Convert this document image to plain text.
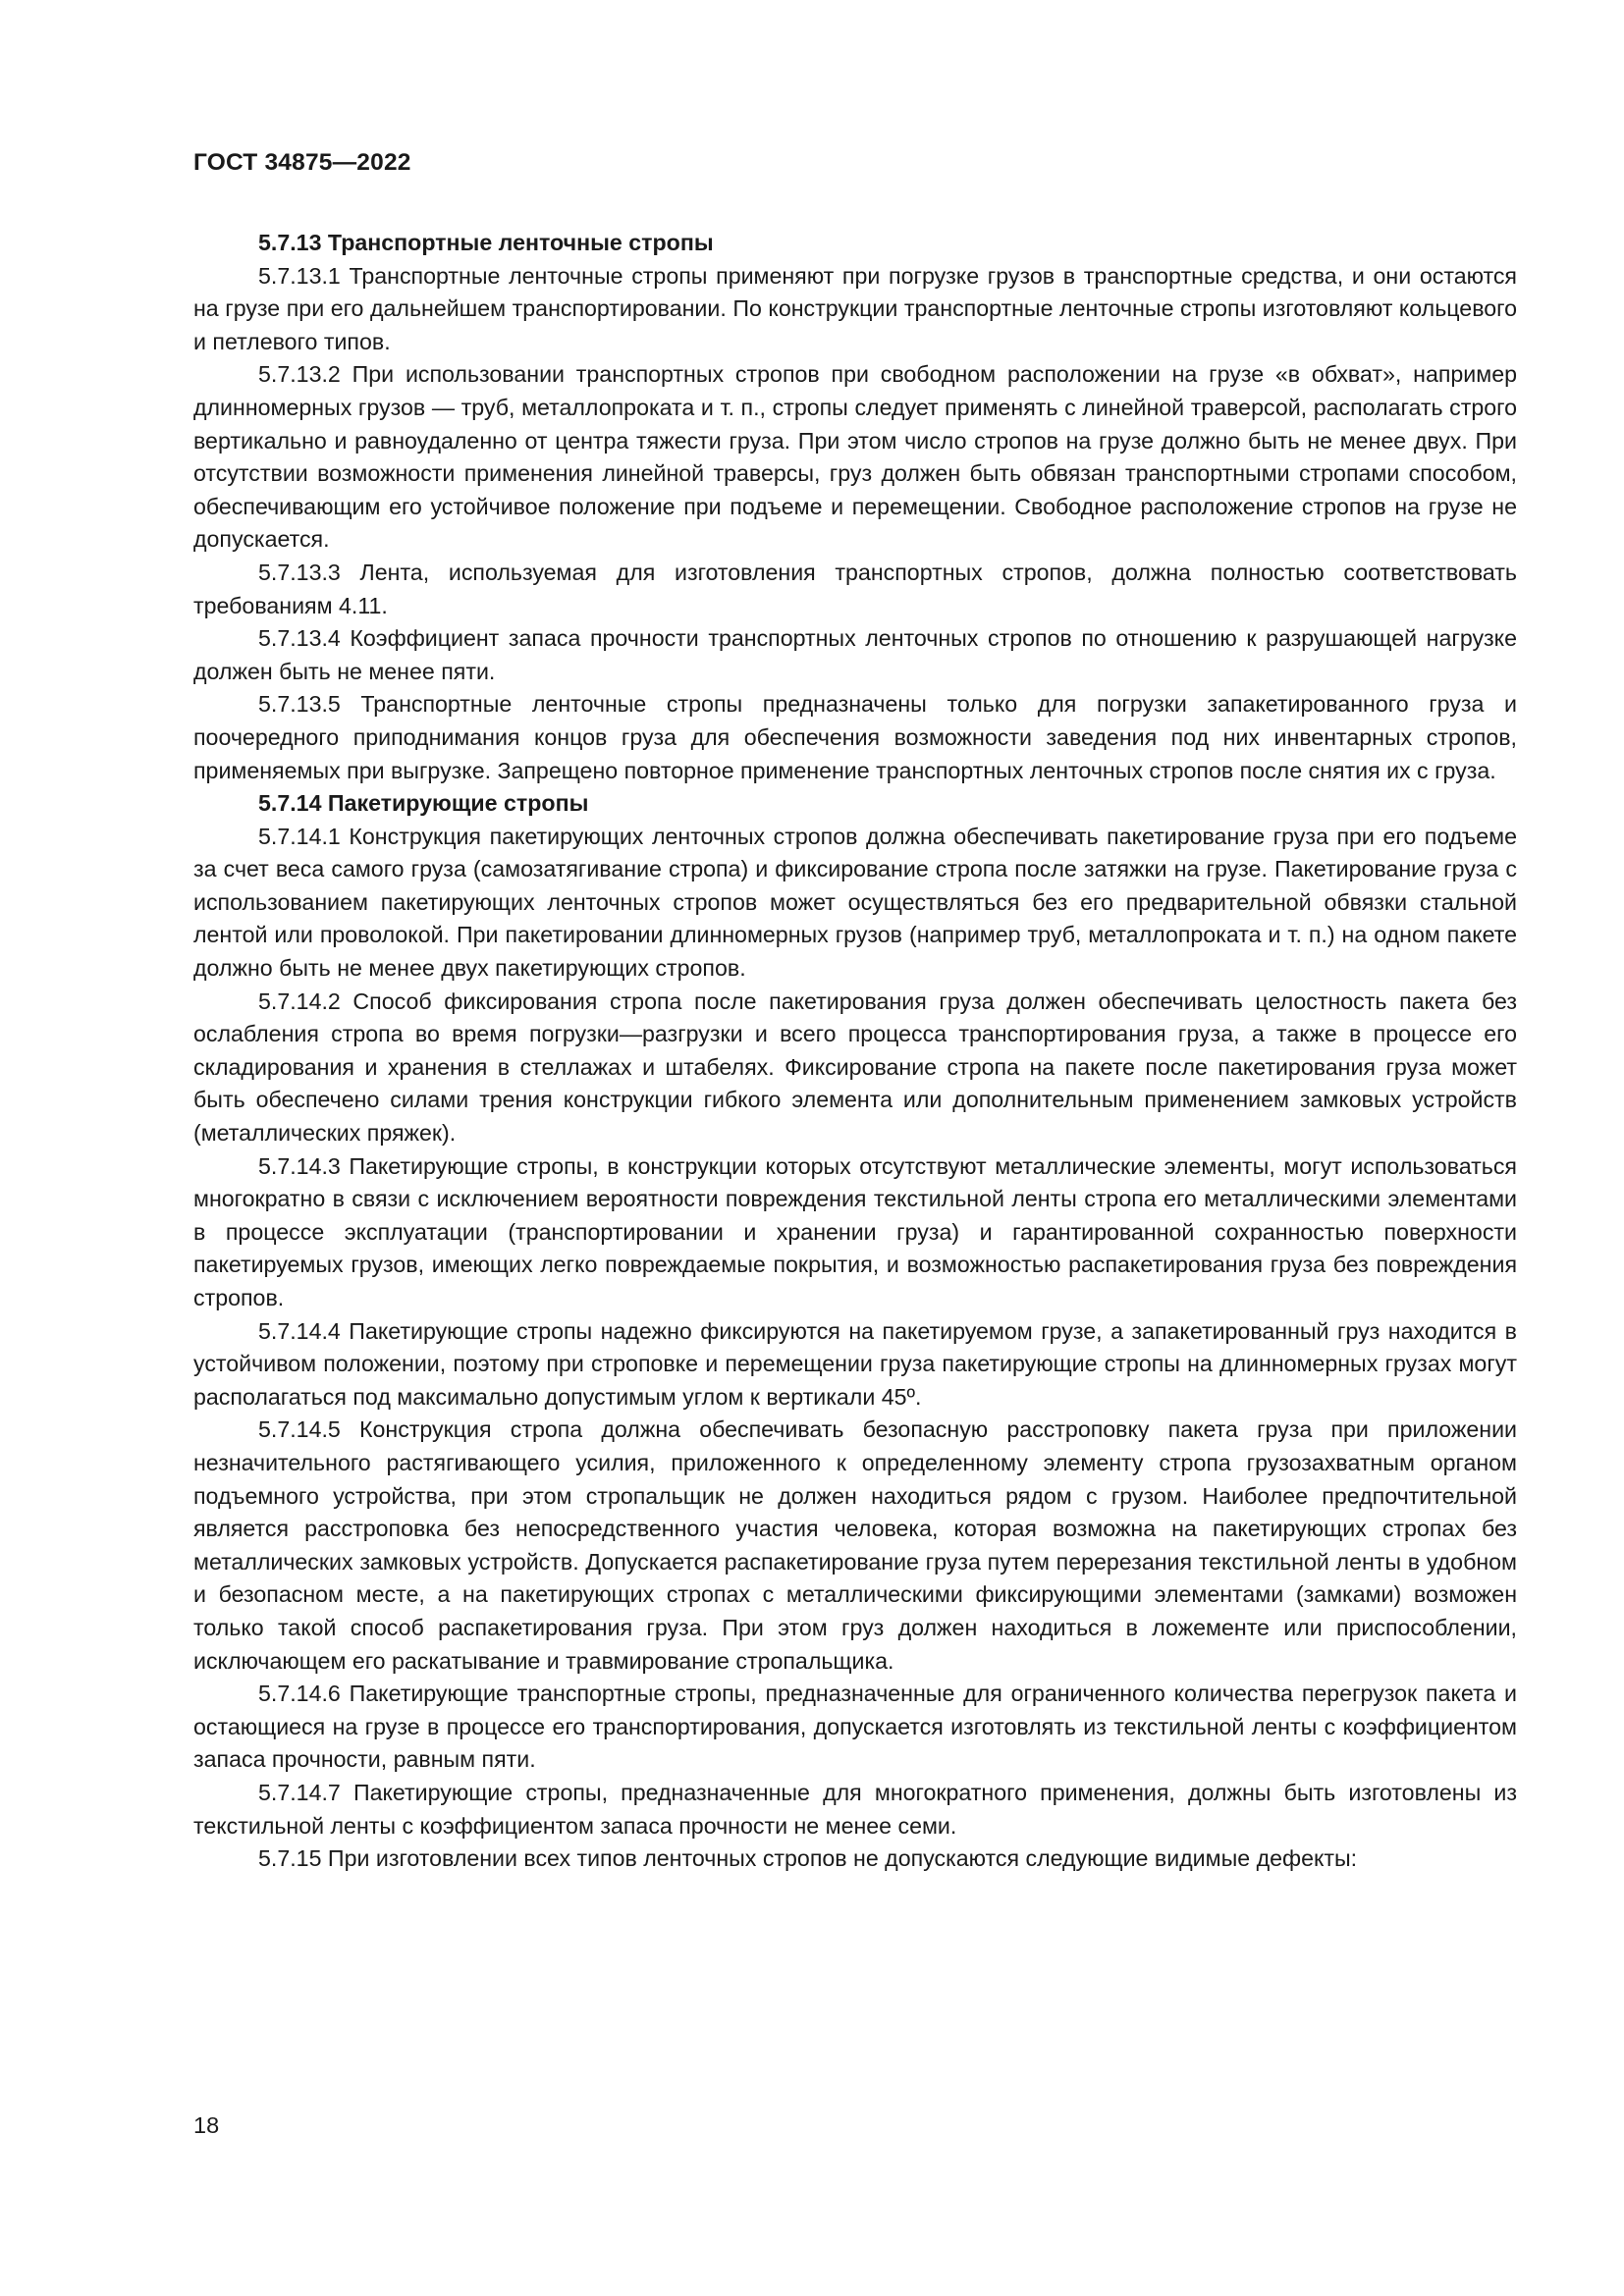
ГОСТ 34875—2022

5.7.13 Транспортные ленточные стропы

5.7.13.1 Транспортные ленточные стропы применяют при погрузке грузов в транспортные средства, и они остаются на грузе при его дальнейшем транспортировании. По конструкции транспортные ленточные стропы изготовляют кольцевого и петлевого типов.

5.7.13.2 При использовании транспортных стропов при свободном расположении на грузе «в обхват», например длинномерных грузов — труб, металлопроката и т. п., стропы следует применять с линейной траверсой, располагать строго вертикально и равноудаленно от центра тяжести груза. При этом число стропов на грузе должно быть не менее двух. При отсутствии возможности применения линейной траверсы, груз должен быть обвязан транспортными стропами способом, обеспечивающим его устойчивое положение при подъеме и перемещении. Свободное расположение стропов на грузе не допускается.

5.7.13.3 Лента, используемая для изготовления транспортных стропов, должна полностью соответствовать требованиям 4.11.

5.7.13.4 Коэффициент запаса прочности транспортных ленточных стропов по отношению к разрушающей нагрузке должен быть не менее пяти.

5.7.13.5 Транспортные ленточные стропы предназначены только для погрузки запакетированного груза и поочередного приподнимания концов груза для обеспечения возможности заведения под них инвентарных стропов, применяемых при выгрузке. Запрещено повторное применение транспортных ленточных стропов после снятия их с груза.

5.7.14 Пакетирующие стропы

5.7.14.1 Конструкция пакетирующих ленточных стропов должна обеспечивать пакетирование груза при его подъеме за счет веса самого груза (самозатягивание стропа) и фиксирование стропа после затяжки на грузе. Пакетирование груза с использованием пакетирующих ленточных стропов может осуществляться без его предварительной обвязки стальной лентой или проволокой. При пакетировании длинномерных грузов (например труб, металлопроката и т. п.) на одном пакете должно быть не менее двух пакетирующих стропов.

5.7.14.2 Способ фиксирования стропа после пакетирования груза должен обеспечивать целостность пакета без ослабления стропа во время погрузки—разгрузки и всего процесса транспортирования груза, а также в процессе его складирования и хранения в стеллажах и штабелях. Фиксирование стропа на пакете после пакетирования груза может быть обеспечено силами трения конструкции гибкого элемента или дополнительным применением замковых устройств (металлических пряжек).

5.7.14.3 Пакетирующие стропы, в конструкции которых отсутствуют металлические элементы, могут использоваться многократно в связи с исключением вероятности повреждения текстильной ленты стропа его металлическими элементами в процессе эксплуатации (транспортировании и хранении груза) и гарантированной сохранностью поверхности пакетируемых грузов, имеющих легко повреждаемые покрытия, и возможностью распакетирования груза без повреждения стропов.

5.7.14.4 Пакетирующие стропы надежно фиксируются на пакетируемом грузе, а запакетированный груз находится в устойчивом положении, поэтому при строповке и перемещении груза пакетирующие стропы на длинномерных грузах могут располагаться под максимально допустимым углом к вертикали 45º.

5.7.14.5 Конструкция стропа должна обеспечивать безопасную расстроповку пакета груза при приложении незначительного растягивающего усилия, приложенного к определенному элементу стропа грузозахватным органом подъемного устройства, при этом стропальщик не должен находиться рядом с грузом. Наиболее предпочтительной является расстроповка без непосредственного участия человека, которая возможна на пакетирующих стропах без металлических замковых устройств. Допускается распакетирование груза путем перерезания текстильной ленты в удобном и безопасном месте, а на пакетирующих стропах с металлическими фиксирующими элементами (замками) возможен только такой способ распакетирования груза. При этом груз должен находиться в ложементе или приспособлении, исключающем его раскатывание и травмирование стропальщика.

5.7.14.6 Пакетирующие транспортные стропы, предназначенные для ограниченного количества перегрузок пакета и остающиеся на грузе в процессе его транспортирования, допускается изготовлять из текстильной ленты с коэффициентом запаса прочности, равным пяти.

5.7.14.7 Пакетирующие стропы, предназначенные для многократного применения, должны быть изготовлены из текстильной ленты с коэффициентом запаса прочности не менее семи.

5.7.15 При изготовлении всех типов ленточных стропов не допускаются следующие видимые дефекты:

18
